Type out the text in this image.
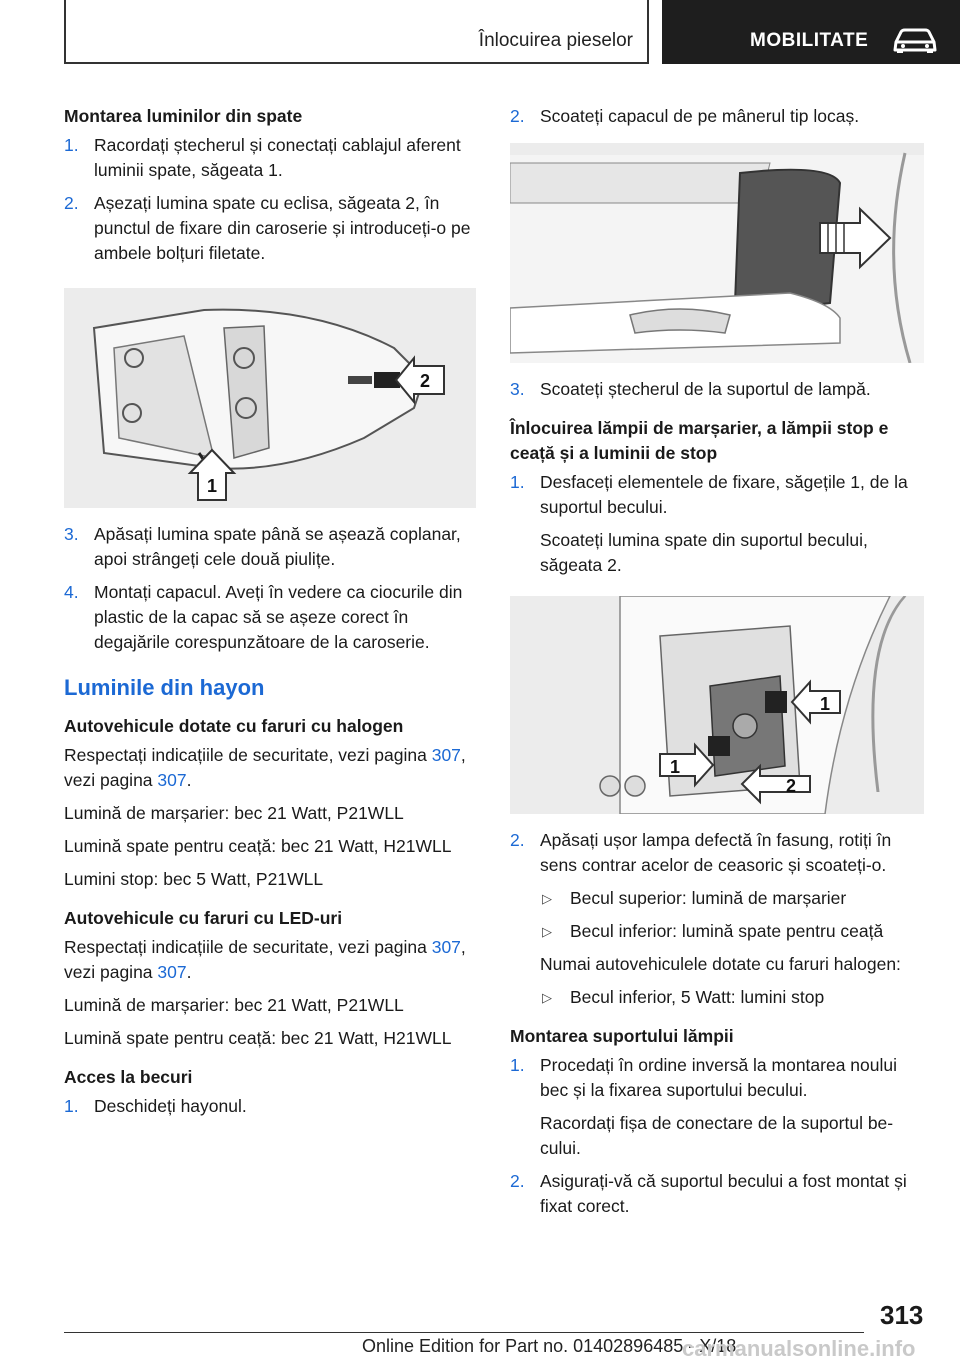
Înlocuirea pieselor	MOBILITATE
Montarea luminilor din spate
1. Racordați ștecherul și conectați cablajul aferent luminii spate, săgeata 1.
2. Așezați lumina spate cu eclisa, săgeata 2, în punctul de fixare din caroserie și introduceți-o pe ambele bolțuri filetate.
2
1
3. Apăsați lumina spate până se așează coplanar, apoi strângeți cele două piulițe.
4. Montați capacul. Aveți în vedere ca ciocurile din plastic de la capac să se așeze corect în degajările corespunzătoare de la caroserie.
Luminile din hayon
Autovehicule dotate cu faruri cu halogen

Respectați indicațiile de securitate, vezi pagina 307, vezi pagina 307.

Lumină de marșarier: bec 21 Watt, P21WLL

Lumină spate pentru ceață: bec 21 Watt, H21WLL

Lumini stop: bec 5 Watt, P21WLL

Autovehicule cu faruri cu LED-uri

Respectați indicațiile de securitate, vezi pagina 307, vezi pagina 307.

Lumină de marșarier: bec 21 Watt, P21WLL

Lumină spate pentru ceață: bec 21 Watt, H21WLL

Acces la becuri
1. Deschideți hayonul.
2. Scoateți capacul de pe mânerul tip locaș.
3. Scoateți ștecherul de la suportul de lampă.
Înlocuirea lămpii de marșarier, a lămpii stop e ceață și a luminii de stop
1. Desfaceți elementele de fixare, săgețile 1, de la suportul becului.
Scoateți lumina spate din suportul becului, săgeata 2.
1
1
2
2. Apăsați ușor lampa defectă în fasung, rotiți în sens contrar acelor de ceasoric și scoateți-o.
▷ Becul superior: lumină de marșarier
▷ Becul inferior: lumină spate pentru ceață
Numai autovehiculele dotate cu faruri halogen:
▷ Becul inferior, 5 Watt: lumini stop
Montarea suportului lămpii
1. Procedați în ordine inversă la montarea noului bec și la fixarea suportului becului.
Racordați fișa de conectare de la suportul becului.
2. Asigurați-vă că suportul becului a fost montat și fixat corect.
313
Online Edition for Part no. 01402896485 - X/18
carmanualsonline.info
